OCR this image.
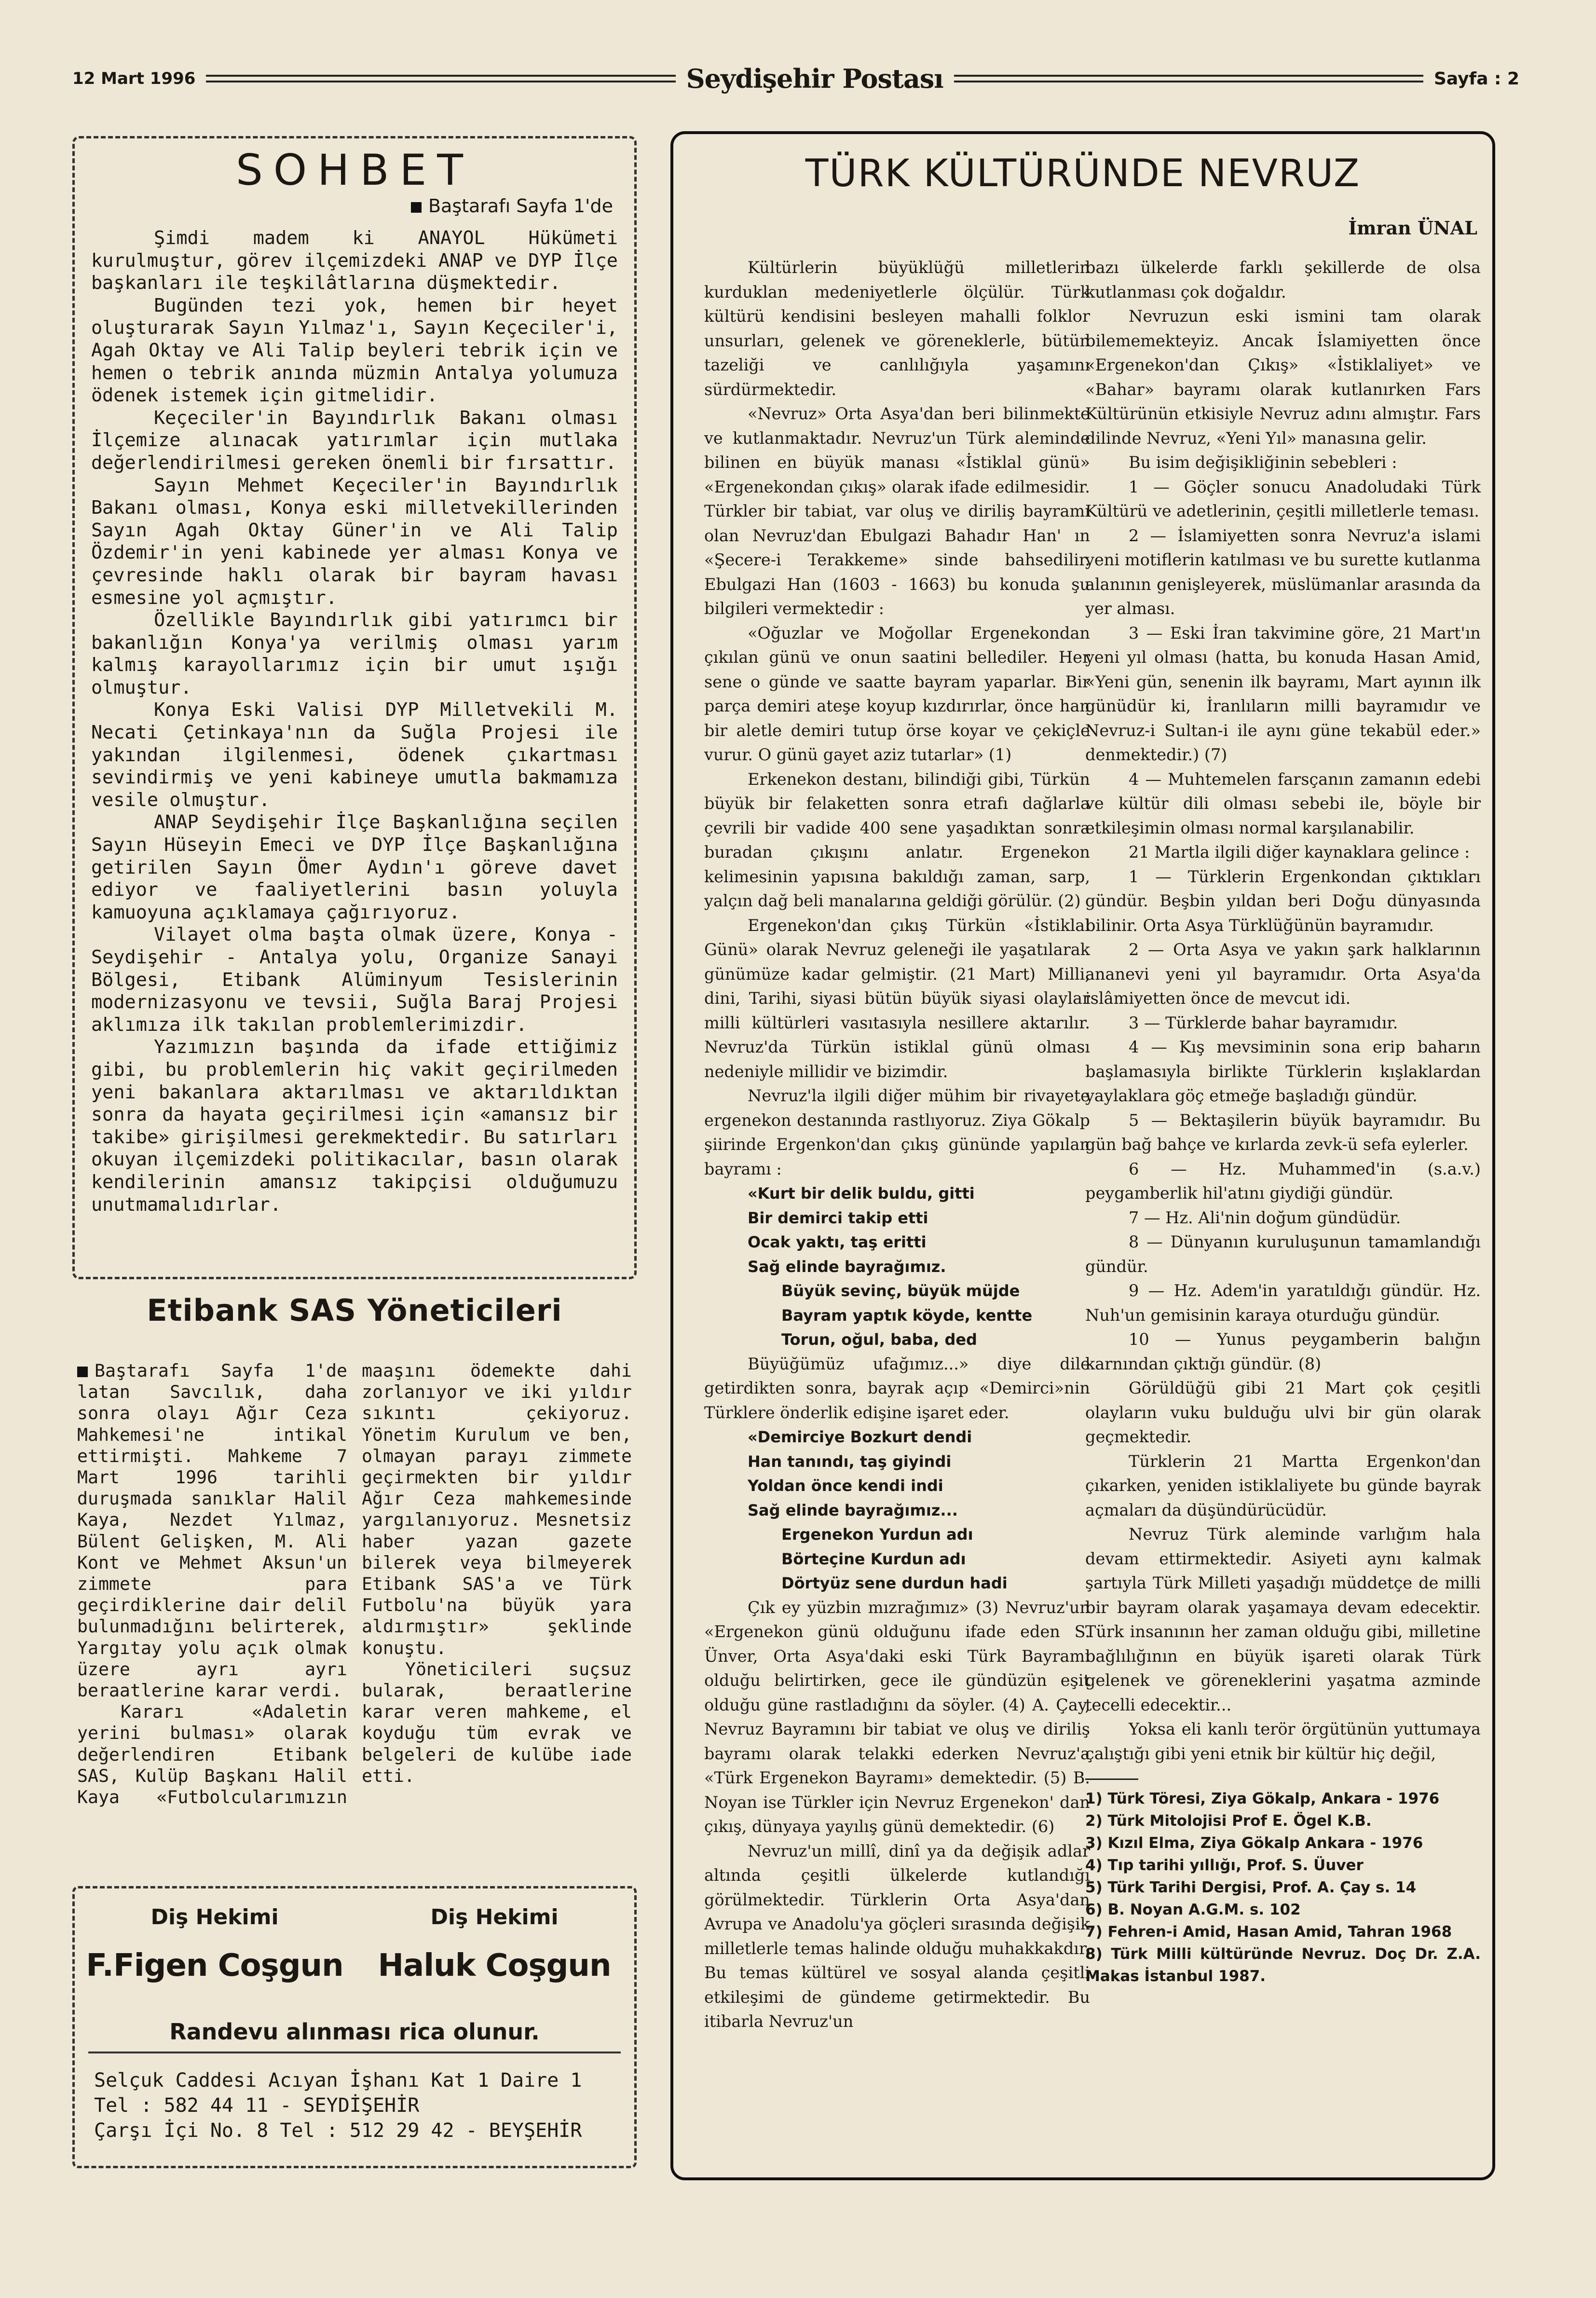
12 Mart 1996	Seydişehir Postası	Sayfa : 2
SOHBET
Baştarafı Sayfa 1'de

Şimdi madem ki ANAYOL Hükümeti kurulmuştur, görev ilçemizdeki ANAP ve DYP İlçe başkanları ile teşkilâtlarına düşmektedir.

Bugünden tezi yok, hemen bir heyet oluşturarak Sayın Yılmaz'ı, Sayın Keçeciler'i, Agah Oktay ve Ali Talip beyleri tebrik için ve hemen o tebrik anında müzmin Antalya yolumuza ödenek istemek için gitmelidir.

Keçeciler'in Bayındırlık Bakanı olması İlçemize alınacak yatırımlar için mutlaka değerlendirilmesi gereken önemli bir fırsattır.

Sayın Mehmet Keçeciler'in Bayındırlık Bakanı olması, Konya eski milletvekillerinden Sayın Agah Oktay Güner'in ve Ali Talip Özdemir'in yeni kabinede yer alması Konya ve çevresinde haklı olarak bir bayram havası esmesine yol açmıştır.

Özellikle Bayındırlık gibi yatırımcı bir bakanlığın Konya'ya verilmiş olması yarım kalmış karayollarımız için bir umut ışığı olmuştur.

Konya Eski Valisi DYP Milletvekili M. Necati Çetinkaya'nın da Suğla Projesi ile yakından ilgilenmesi, ödenek çıkartması sevindirmiş ve yeni kabineye umutla bakmamıza vesile olmuştur.

ANAP Seydişehir İlçe Başkanlığına seçilen Sayın Hüseyin Emeci ve DYP İlçe Başkanlığına getirilen Sayın Ömer Aydın'ı göreve davet ediyor ve faaliyetlerini basın yoluyla kamuoyuna açıklamaya çağırıyoruz.

Vilayet olma başta olmak üzere, Konya - Seydişehir - Antalya yolu, Organize Sanayi Bölgesi, Etibank Alüminyum Tesislerinin modernizasyonu ve tevsii, Suğla Baraj Projesi aklımıza ilk takılan problemlerimizdir.

Yazımızın başında da ifade ettiğimiz gibi, bu problemlerin hiç vakit geçirilmeden yeni bakanlara aktarılması ve aktarıldıktan sonra da hayata geçirilmesi için «amansız bir takibe» girişilmesi gerekmektedir. Bu satırları okuyan ilçemizdeki politikacılar, basın olarak kendilerinin amansız takipçisi olduğumuzu unutmamalıdırlar.

Etibank SAS Yöneticileri

Baştarafı Sayfa 1'de latan Savcılık, daha sonra olayı Ağır Ceza Mahkemesi'ne intikal ettirmişti. Mahkeme 7 Mart 1996 tarihli duruşmada sanıklar Halil Kaya, Nezdet Yılmaz, Bülent Gelişken, M. Ali Kont ve Mehmet Aksun'un zimmete para geçirdiklerine dair delil bulunmadığını belirterek, Yargıtay yolu açık olmak üzere ayrı ayrı beraatlerine karar verdi.

Kararı «Adaletin yerini bulması» olarak değerlendiren Etibank SAS, Kulüp Başkanı Halil Kaya «Futbolcularımızın maaşını ödemekte dahi zorlanıyor ve iki yıldır sıkıntı çekiyoruz. Yönetim Kurulum ve ben, olmayan parayı zimmete geçirmekten bir yıldır Ağır Ceza mahkemesinde yargılanıyoruz. Mesnetsiz haber yazan gazete bilerek veya bilmeyerek Etibank SAS'a ve Türk Futbolu'na büyük yara aldırmıştır» şeklinde konuştu.

Yöneticileri suçsuz bularak, beraatlerine karar veren mahkeme, el koyduğu tüm evrak ve belgeleri de kulübe iade etti.

Diş Hekimi
F.Figen Coşgun
Diş Hekimi
Haluk Coşgun
Randevu alınması rica olunur.
Selçuk Caddesi Acıyan İşhanı Kat 1 Daire 1
Tel : 582 44 11 - SEYDİŞEHİR
Çarşı İçi No. 8 Tel : 512 29 42 - BEYŞEHİR
TÜRK KÜLTÜRÜNDE NEVRUZ
İmran ÜNAL

Kültürlerin büyüklüğü milletlerin kurduklan medeniyetlerle ölçülür. Türk kültürü kendisini besleyen mahalli folklor unsurları, gelenek ve göreneklerle, bütün tazeliği ve canlılığıyla yaşamını sürdürmektedir.

«Nevruz» Orta Asya'dan beri bilinmekte ve kutlanmaktadır. Nevruz'un Türk aleminde bilinen en büyük manası «İstiklal günü» «Ergenekondan çıkış» olarak ifade edilmesidir. Türkler bir tabiat, var oluş ve diriliş bayramı olan Nevruz'dan Ebulgazi Bahadır Han' ın «Şecere-i Terakkeme» sinde bahsedilir. Ebulgazi Han (1603 - 1663) bu konuda şu bilgileri vermektedir :

«Oğuzlar ve Moğollar Ergenekondan çıkılan günü ve onun saatini bellediler. Her sene o günde ve saatte bayram yaparlar. Bir parça demiri ateşe koyup kızdırırlar, önce han bir aletle demiri tutup örse koyar ve çekiçle vurur. O günü gayet aziz tutarlar» (1)

Erkenekon destanı, bilindiği gibi, Türkün büyük bir felaketten sonra etrafı dağlarla çevrili bir vadide 400 sene yaşadıktan sonra buradan çıkışını anlatır. Ergenekon kelimesinin yapısına bakıldığı zaman, sarp, yalçın dağ beli manalarına geldiği görülür. (2)

Ergenekon'dan çıkış Türkün «İstiklal Günü» olarak Nevruz geleneği ile yaşatılarak günümüze kadar gelmiştir. (21 Mart) Milli, dini, Tarihi, siyasi bütün büyük siyasi olaylar milli kültürleri vasıtasıyla nesillere aktarılır. Nevruz'da Türkün istiklal günü olması nedeniyle millidir ve bizimdir.

Nevruz'la ilgili diğer mühim bir rivayete ergenekon destanında rastlıyoruz. Ziya Gökalp şiirinde Ergenkon'dan çıkış gününde yapılan bayramı :

«Kurt bir delik buldu, gitti

Bir demirci takip etti

Ocak yaktı, taş eritti

Sağ elinde bayrağımız.

Büyük sevinç, büyük müjde

Bayram yaptık köyde, kentte

Torun, oğul, baba, ded

Büyüğümüz ufağımız...» diye dile getirdikten sonra, bayrak açıp «Demirci»nin Türklere önderlik edişine işaret eder.

«Demirciye Bozkurt dendi

Han tanındı, taş giyindi

Yoldan önce kendi indi

Sağ elinde bayrağımız...

Ergenekon Yurdun adı

Börteçine Kurdun adı

Dörtyüz sene durdun hadi

Çık ey yüzbin mızrağımız» (3) Nevruz'un «Ergenekon günü olduğunu ifade eden S. Ünver, Orta Asya'daki eski Türk Bayramı olduğu belirtirken, gece ile gündüzün eşit olduğu güne rastladığını da söyler. (4) A. Çay, Nevruz Bayramını bir tabiat ve oluş ve diriliş bayramı olarak telakki ederken Nevruz'a «Türk Ergenekon Bayramı» demektedir. (5) B. Noyan ise Türkler için Nevruz Ergenekon' dan çıkış, dünyaya yayılış günü demektedir. (6)

Nevruz'un millî, dinî ya da değişik adlar altında çeşitli ülkelerde kutlandığı görülmektedir. Türklerin Orta Asya'dan Avrupa ve Anadolu'ya göçleri sırasında değişik milletlerle temas halinde olduğu muhakkakdır. Bu temas kültürel ve sosyal alanda çeşitli etkileşimi de gündeme getirmektedir. Bu itibarla Nevruz'un

bazı ülkelerde farklı şekillerde de olsa kutlanması çok doğaldır.

Nevruzun eski ismini tam olarak bilememekteyiz. Ancak İslamiyetten önce «Ergenekon'dan Çıkış» «İstiklaliyet» ve «Bahar» bayramı olarak kutlanırken Fars Kültürünün etkisiyle Nevruz adını almıştır. Fars dilinde Nevruz, «Yeni Yıl» manasına gelir.

Bu isim değişikliğinin sebebleri :

1 — Göçler sonucu Anadoludaki Türk Kültürü ve adetlerinin, çeşitli milletlerle teması.

2 — İslamiyetten sonra Nevruz'a islami yeni motiflerin katılması ve bu surette kutlanma alanının genişleyerek, müslümanlar arasında da yer alması.

3 — Eski İran takvimine göre, 21 Mart'ın yeni yıl olması (hatta, bu konuda Hasan Amid, «Yeni gün, senenin ilk bayramı, Mart ayının ilk günüdür ki, İranlıların milli bayramıdır ve Nevruz-i Sultan-i ile aynı güne tekabül eder.» denmektedir.) (7)

4 — Muhtemelen farsçanın zamanın edebi ve kültür dili olması sebebi ile, böyle bir etkileşimin olması normal karşılanabilir.

21 Martla ilgili diğer kaynaklara gelince :

1 — Türklerin Ergenkondan çıktıkları gündür. Beşbin yıldan beri Doğu dünyasında bilinir. Orta Asya Türklüğünün bayramıdır.

2 — Orta Asya ve yakın şark halklarının ananevi yeni yıl bayramıdır. Orta Asya'da islâmiyetten önce de mevcut idi.

3 — Türklerde bahar bayramıdır.

4 — Kış mevsiminin sona erip baharın başlamasıyla birlikte Türklerin kışlaklardan yaylaklara göç etmeğe başladığı gündür.

5 — Bektaşilerin büyük bayramıdır. Bu gün bağ bahçe ve kırlarda zevk-ü sefa eylerler.

6 — Hz. Muhammed'in (s.a.v.) peygamberlik hil'atını giydiği gündür.

7 — Hz. Ali'nin doğum gündüdür.

8 — Dünyanın kuruluşunun tamamlandığı gündür.

9 — Hz. Adem'in yaratıldığı gündür. Hz. Nuh'un gemisinin karaya oturduğu gündür.

10 — Yunus peygamberin balığın karnından çıktığı gündür. (8)

Görüldüğü gibi 21 Mart çok çeşitli olayların vuku bulduğu ulvi bir gün olarak geçmektedir.

Türklerin 21 Martta Ergenkon'dan çıkarken, yeniden istiklaliyete bu günde bayrak açmaları da düşündürücüdür.

Nevruz Türk aleminde varlığım hala devam ettirmektedir. Asiyeti aynı kalmak şartıyla Türk Milleti yaşadığı müddetçe de milli bir bayram olarak yaşamaya devam edecektir. Türk insanının her zaman olduğu gibi, milletine bağlılığının en büyük işareti olarak Türk gelenek ve göreneklerini yaşatma azminde tecelli edecektir...

Yoksa eli kanlı terör örgütünün yuttumaya çalıştığı gibi yeni etnik bir kültür hiç değil,

1) Türk Töresi, Ziya Gökalp, Ankara - 1976

2) Türk Mitolojisi Prof E. Ögel K.B.

3) Kızıl Elma, Ziya Gökalp Ankara - 1976

4) Tıp tarihi yıllığı, Prof. S. Üuver

5) Türk Tarihi Dergisi, Prof. A. Çay s. 14

6) B. Noyan A.G.M. s. 102

7) Fehren-i Amid, Hasan Amid, Tahran 1968

8) Türk Milli kültüründe Nevruz. Doç Dr. Z.A. Makas İstanbul 1987.
